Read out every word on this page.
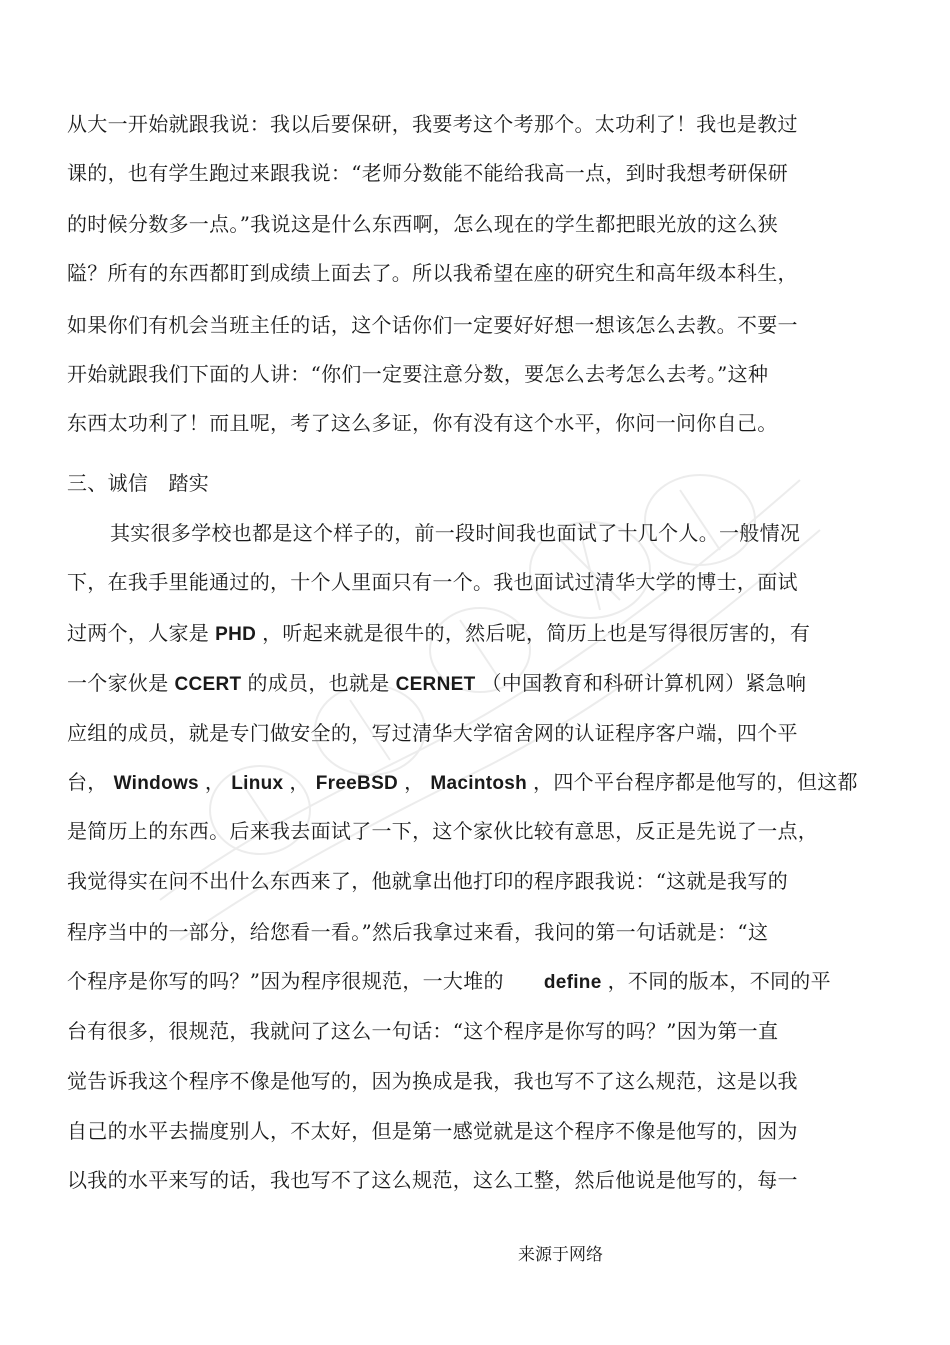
从大一开始就跟我说：我以后要保研，我要考这个考那个。太功利了！我也是教过
课的，也有学生跑过来跟我说：“老师分数能不能给我高一点，到时我想考研保研
的时候分数多一点。”我说这是什么东西啊，怎么现在的学生都把眼光放的这么狭
隘？所有的东西都盯到成绩上面去了。所以我希望在座的研究生和高年级本科生，
如果你们有机会当班主任的话，这个话你们一定要好好想一想该怎么去教。不要一
开始就跟我们下面的人讲：“你们一定要注意分数，要怎么去考怎么去考。”这种
东西太功利了！而且呢，考了这么多证，你有没有这个水平，你问一问你自己。
三、诚信　踏实
其实很多学校也都是这个样子的，前一段时间我也面试了十几个人。一般情况
下，在我手里能通过的，十个人里面只有一个。我也面试过清华大学的博士，面试
过两个，人家是 PHD ，听起来就是很牛的，然后呢，简历上也是写得很厉害的，有
一个家伙是 CCERT 的成员，也就是 CERNET （中国教育和科研计算机网）紧急响
应组的成员，就是专门做安全的，写过清华大学宿舍网的认证程序客户端，四个平
台， Windows ， Linux ， FreeBSD ， Macintosh ，四个平台程序都是他写的，但这都
是简历上的东西。后来我去面试了一下，这个家伙比较有意思，反正是先说了一点，
我觉得实在问不出什么东西来了，他就拿出他打印的程序跟我说：“这就是我写的
程序当中的一部分，给您看一看。”然后我拿过来看，我问的第一句话就是：“这
个程序是你写的吗？”因为程序很规范，一大堆的 define ，不同的版本，不同的平
台有很多，很规范，我就问了这么一句话：“这个程序是你写的吗？”因为第一直
觉告诉我这个程序不像是他写的，因为换成是我，我也写不了这么规范，这是以我
自己的水平去揣度别人，不太好，但是第一感觉就是这个程序不像是他写的，因为
以我的水平来写的话，我也写不了这么规范，这么工整，然后他说是他写的，每一
来源于网络
